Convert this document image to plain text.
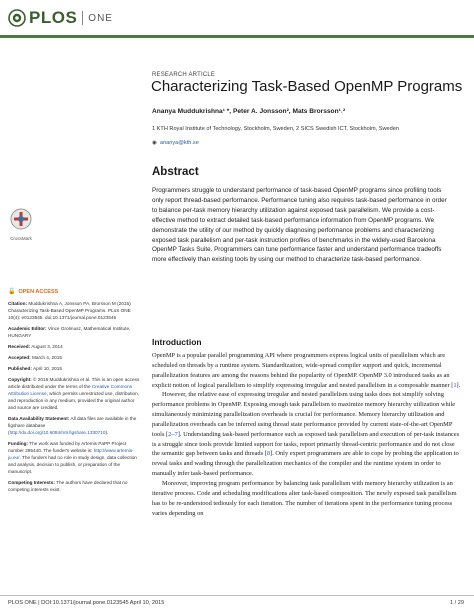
PLOS ONE
RESEARCH ARTICLE
Characterizing Task-Based OpenMP Programs
Ananya Muddukrishna¹ *, Peter A. Jonsson², Mats Brorsson¹˒²
1 KTH Royal Institute of Technology, Stockholm, Sweden, 2 SICS Swedish ICT, Stockholm, Sweden
◉ ananya@kth.se
Abstract

Programmers struggle to understand performance of task-based OpenMP programs since profiling tools only report thread-based performance. Performance tuning also requires task-based performance in order to balance per-task memory hierarchy utilization against exposed task parallelism. We provide a cost-effective method to extract detailed task-based performance information from OpenMP programs. We demonstrate the utility of our method by quickly diagnosing performance problems and characterizing exposed task parallelism and per-task instruction profiles of benchmarks in the widely-used Barcelona OpenMP Tasks Suite. Programmers can tune performance faster and understand performance tradeoffs more effectively than existing tools by using our method to characterize task-based performance.

CrossMark
🔓 OPEN ACCESS

Citation: Muddukrishna A, Jonsson PA, Brorsson M (2015) Characterizing Task-Based OpenMP Programs. PLoS ONE 10(4): e0123545. doi:10.1371/journal.pone.0123545

Academic Editor: Vince Grolmusz, Mathematical Institute, HUNGARY

Received: August 3, 2014

Accepted: March 4, 2015

Published: April 10, 2015

Copyright: © 2015 Muddukrishna et al. This is an open access article distributed under the terms of the Creative Commons Attribution License, which permits unrestricted use, distribution, and reproduction in any medium, provided the original author and source are credited.

Data Availability Statement: All data files are available in the figshare database (http://dx.doi.org/10.6084/m9.figshare.1330710).

Funding: The work was funded by Artemis PaPP Project number 295440. The funder's website is: http://www.artemis-ju.eu/. The funders had no role in study design, data collection and analysis, decision to publish, or preparation of the manuscript.

Competing Interests: The authors have declared that no competing interests exist.

Introduction

OpenMP is a popular parallel programming API where programmers express logical units of parallelism which are scheduled on threads by a runtime system. Standardization, wide-spread compiler support and quick, incremental parallelization features are among the reasons behind the popularity of OpenMP. OpenMP 3.0 introduced tasks as an explicit notion of logical parallelism to simplify expressing irregular and nested parallelism in a composable manner [1].

However, the relative ease of expressing irregular and nested parallelism using tasks does not simplify solving performance problems in OpenMP. Exposing enough task parallelism to maximize memory hierarchy utilization while simultaneously minimizing parallelization overheads is crucial for performance. Memory hierarchy utilization and parallelization overheads can be inferred using thread state performance provided by current state-of-the-art OpenMP tools [2–7]. Understanding task-based performance such as exposed task parallelism and execution of per-task instances is a struggle since tools provide limited support for tasks, report primarily thread-centric performance and do not close the semantic gap between tasks and threads [8]. Only expert programmers are able to cope by probing the application to reveal tasks and wading through the parallelization mechanics of the compiler and the runtime system in order to manually infer task-based performance.

Moreover, improving program performance by balancing task parallelism with memory hierarchy utilization is an iterative process. Code and scheduling modifications alter task-based composition. The newly exposed task parallelism has to be re-understood tediously for each iteration. The number of iterations spent in the performance tuning process varies depending on

PLOS ONE | DOI:10.1371/journal.pone.0123545 April 10, 2015	1 / 29
